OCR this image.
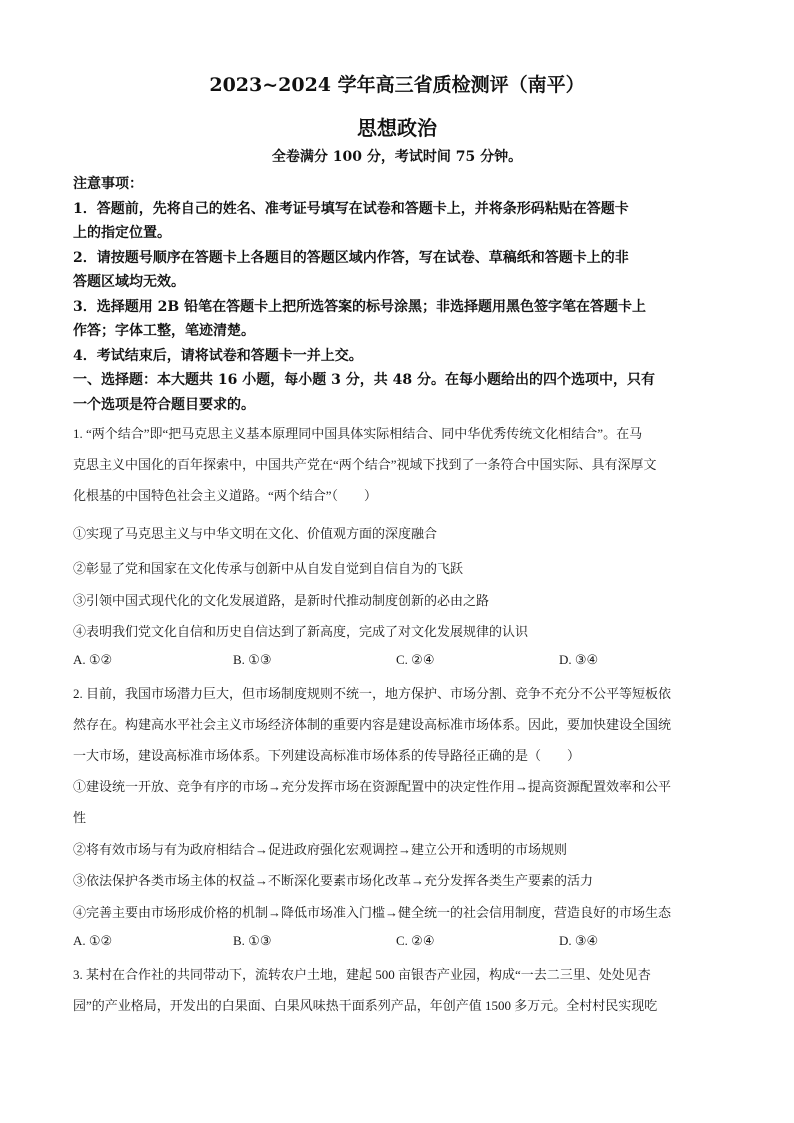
2023~2024 学年高三省质检测评（南平）
思想政治
全卷满分 100 分，考试时间 75 分钟。
注意事项：
1．答题前，先将自己的姓名、准考证号填写在试卷和答题卡上，并将条形码粘贴在答题卡
上的指定位置。
2．请按题号顺序在答题卡上各题目的答题区域内作答，写在试卷、草稿纸和答题卡上的非
答题区域均无效。
3．选择题用 2B 铅笔在答题卡上把所选答案的标号涂黑；非选择题用黑色签字笔在答题卡上
作答；字体工整，笔迹清楚。
4．考试结束后，请将试卷和答题卡一并上交。
一、选择题：本大题共 16 小题，每小题 3 分，共 48 分。在每小题给出的四个选项中，只有
一个选项是符合题目要求的。
1. “两个结合”即“把马克思主义基本原理同中国具体实际相结合、同中华优秀传统文化相结合”。在马
克思主义中国化的百年探索中，中国共产党在“两个结合”视域下找到了一条符合中国实际、具有深厚文
化根基的中国特色社会主义道路。“两个结合”（　　）
①实现了马克思主义与中华文明在文化、价值观方面的深度融合
②彰显了党和国家在文化传承与创新中从自发自觉到自信自为的飞跃
③引领中国式现代化的文化发展道路，是新时代推动制度创新的必由之路
④表明我们党文化自信和历史自信达到了新高度，完成了对文化发展规律的认识
A. ①②	B. ①③	C. ②④	D. ③④
2. 目前，我国市场潜力巨大，但市场制度规则不统一，地方保护、市场分割、竞争不充分不公平等短板依
然存在。构建高水平社会主义市场经济体制的重要内容是建设高标准市场体系。因此，要加快建设全国统
一大市场，建设高标准市场体系。下列建设高标准市场体系的传导路径正确的是（　　）
①建设统一开放、竞争有序的市场→充分发挥市场在资源配置中的决定性作用→提高资源配置效率和公平
性
②将有效市场与有为政府相结合→促进政府强化宏观调控→建立公开和透明的市场规则
③依法保护各类市场主体的权益→不断深化要素市场化改革→充分发挥各类生产要素的活力
④完善主要由市场形成价格的机制→降低市场准入门槛→健全统一的社会信用制度，营造良好的市场生态
A. ①②	B. ①③	C. ②④	D. ③④
3. 某村在合作社的共同带动下，流转农户土地，建起 500 亩银杏产业园，构成“一去二三里、处处见杏
园”的产业格局，开发出的白果面、白果风味热干面系列产品，年创产值 1500 多万元。全村村民实现吃
